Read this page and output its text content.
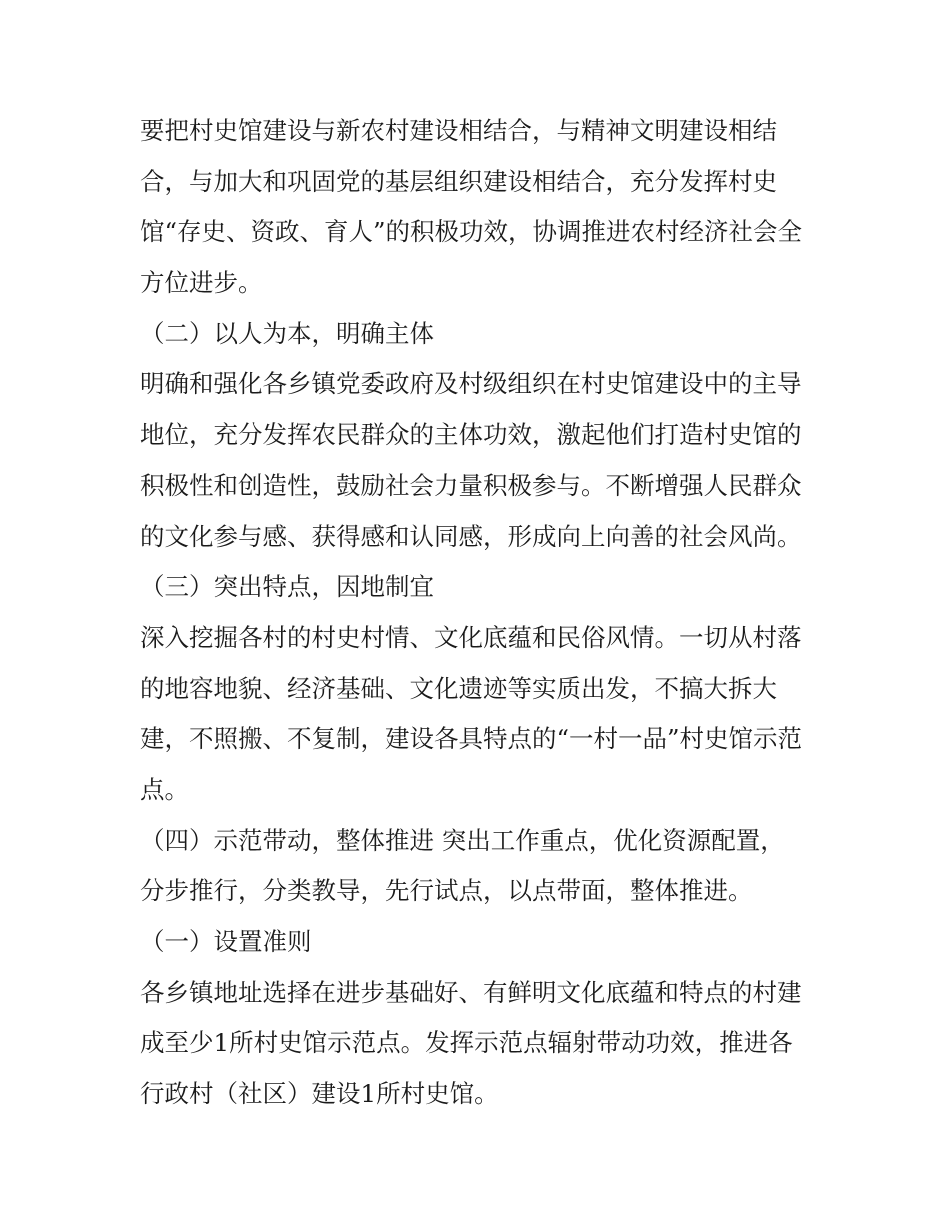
要把村史馆建设与新农村建设相结合，与精神文明建设相结
合，与加大和巩固党的基层组织建设相结合，充分发挥村史
馆“存史、资政、育人”的积极功效，协调推进农村经济社会全
方位进步。
（二）以人为本，明确主体
明确和强化各乡镇党委政府及村级组织在村史馆建设中的主导
地位，充分发挥农民群众的主体功效，激起他们打造村史馆的
积极性和创造性，鼓励社会力量积极参与。不断增强人民群众
的文化参与感、获得感和认同感，形成向上向善的社会风尚。
（三）突出特点，因地制宜
深入挖掘各村的村史村情、文化底蕴和民俗风情。一切从村落
的地容地貌、经济基础、文化遗迹等实质出发，不搞大拆大
建，不照搬、不复制，建设各具特点的“一村一品”村史馆示范
点。
（四）示范带动，整体推进 突出工作重点，优化资源配置，
分步推行，分类教导，先行试点，以点带面，整体推进。
（一）设置准则
各乡镇地址选择在进步基础好、有鲜明文化底蕴和特点的村建
成至少1所村史馆示范点。发挥示范点辐射带动功效，推进各
行政村（社区）建设1所村史馆。
